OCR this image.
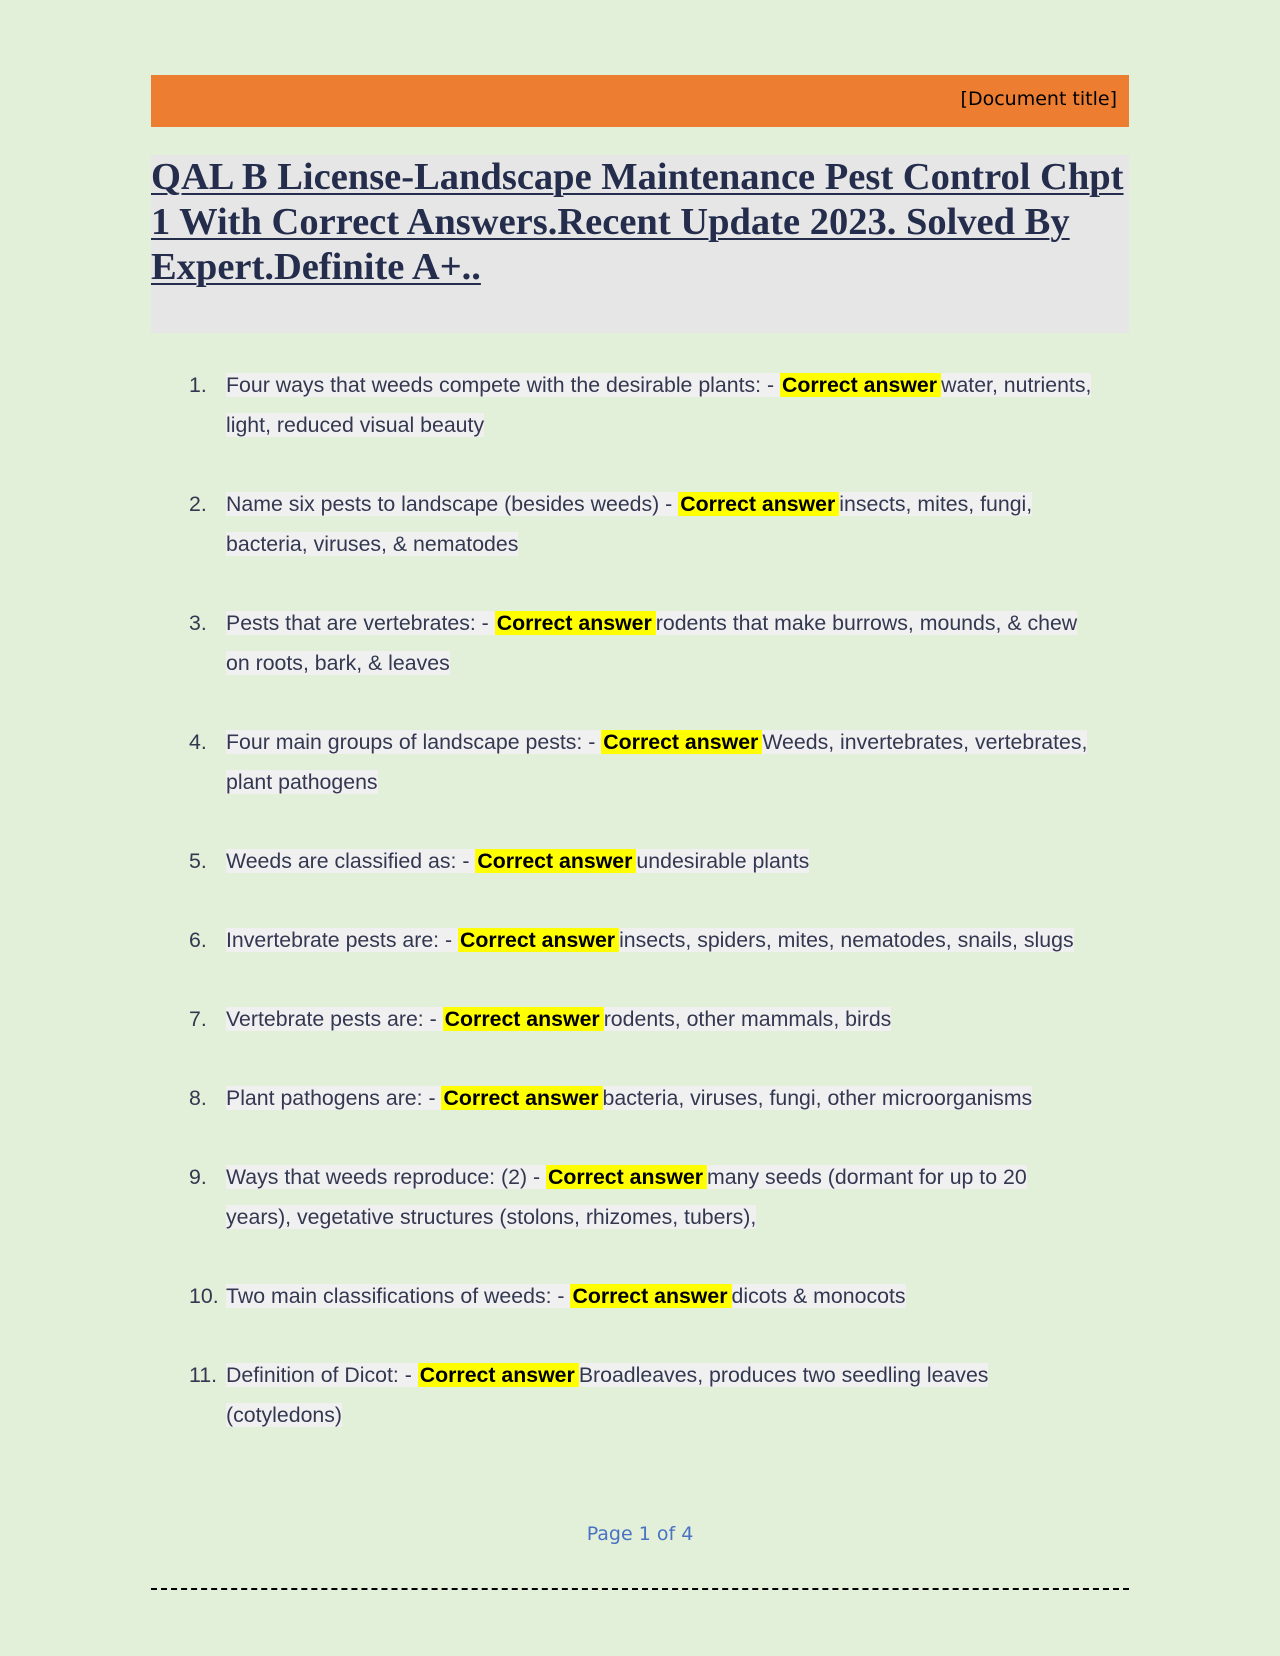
[Document title]
QAL B License-Landscape Maintenance Pest Control Chpt 1 With Correct Answers.Recent Update 2023. Solved By Expert.Definite A+..
1. Four ways that weeds compete with the desirable plants: - Correct answer water, nutrients, light, reduced visual beauty
2. Name six pests to landscape (besides weeds) - Correct answer insects, mites, fungi, bacteria, viruses, & nematodes
3. Pests that are vertebrates: - Correct answer rodents that make burrows, mounds, & chew on roots, bark, & leaves
4. Four main groups of landscape pests: - Correct answer Weeds, invertebrates, vertebrates, plant pathogens
5. Weeds are classified as: - Correct answer undesirable plants
6. Invertebrate pests are: - Correct answer insects, spiders, mites, nematodes, snails, slugs
7. Vertebrate pests are: - Correct answer rodents, other mammals, birds
8. Plant pathogens are: - Correct answer bacteria, viruses, fungi, other microorganisms
9. Ways that weeds reproduce: (2) - Correct answer many seeds (dormant for up to 20 years), vegetative structures (stolons, rhizomes, tubers),
10. Two main classifications of weeds: - Correct answer dicots & monocots
11. Definition of Dicot: - Correct answer Broadleaves, produces two seedling leaves (cotyledons)
Page 1 of 4
